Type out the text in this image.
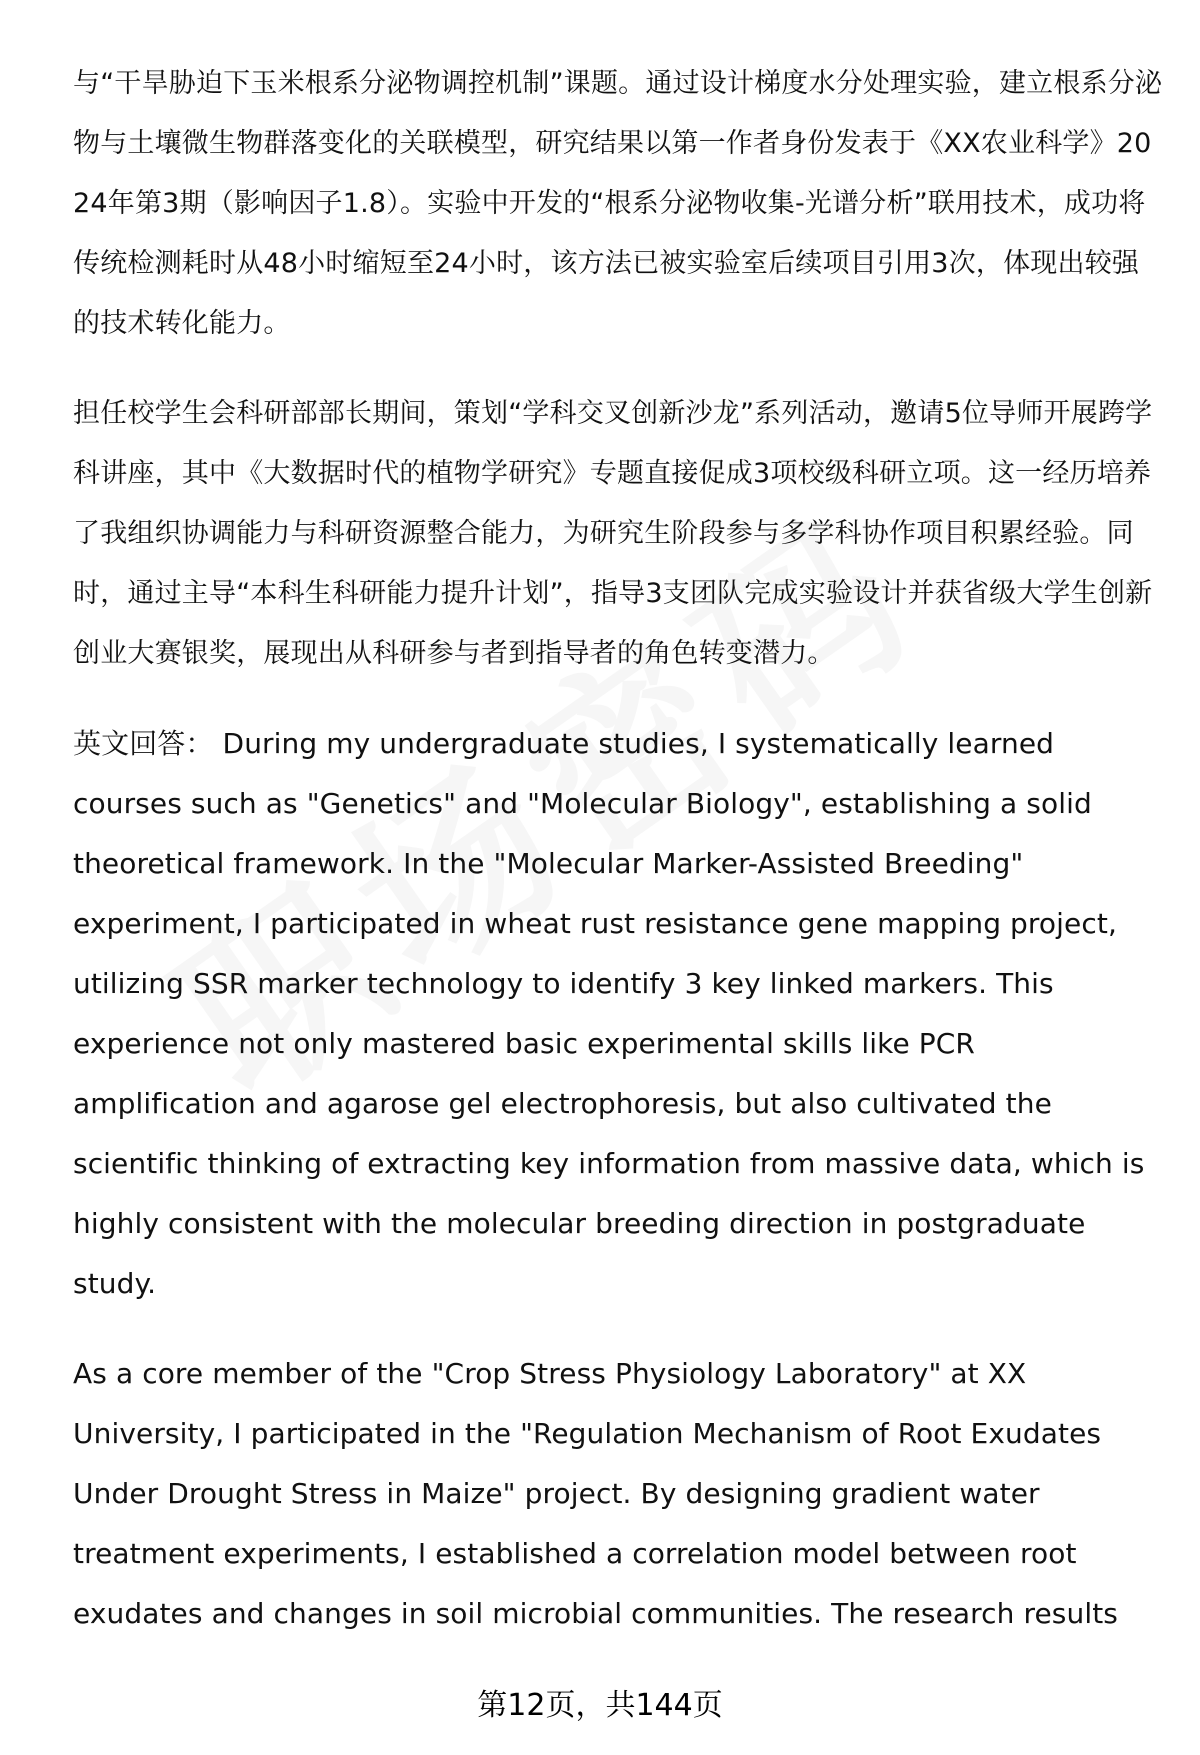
与“干旱胁迫下玉米根系分泌物调控机制”课题。通过设计梯度水分处理实验，建立根系分泌物与土壤微生物群落变化的关联模型，研究结果以第一作者身份发表于《XX农业科学》2024年第3期（影响因子1.8）。实验中开发的“根系分泌物收集-光谱分析”联用技术，成功将传统检测耗时从48小时缩短至24小时，该方法已被实验室后续项目引用3次，体现出较强的技术转化能力。

担任校学生会科研部部长期间，策划“学科交叉创新沙龙”系列活动，邀请5位导师开展跨学科讲座，其中《大数据时代的植物学研究》专题直接促成3项校级科研立项。这一经历培养了我组织协调能力与科研资源整合能力，为研究生阶段参与多学科协作项目积累经验。同时，通过主导“本科生科研能力提升计划”，指导3支团队完成实验设计并获省级大学生创新创业大赛银奖，展现出从科研参与者到指导者的角色转变潜力。

英文回答： During my undergraduate studies, I systematically learned courses such as "Genetics" and "Molecular Biology", establishing a solid theoretical framework. In the "Molecular Marker-Assisted Breeding" experiment, I participated in wheat rust resistance gene mapping project, utilizing SSR marker technology to identify 3 key linked markers. This experience not only mastered basic experimental skills like PCR amplification and agarose gel electrophoresis, but also cultivated the scientific thinking of extracting key information from massive data, which is highly consistent with the molecular breeding direction in postgraduate study.

As a core member of the "Crop Stress Physiology Laboratory" at XX University, I participated in the "Regulation Mechanism of Root Exudates Under Drought Stress in Maize" project. By designing gradient water treatment experiments, I established a correlation model between root exudates and changes in soil microbial communities. The research results

第12页，共144页
